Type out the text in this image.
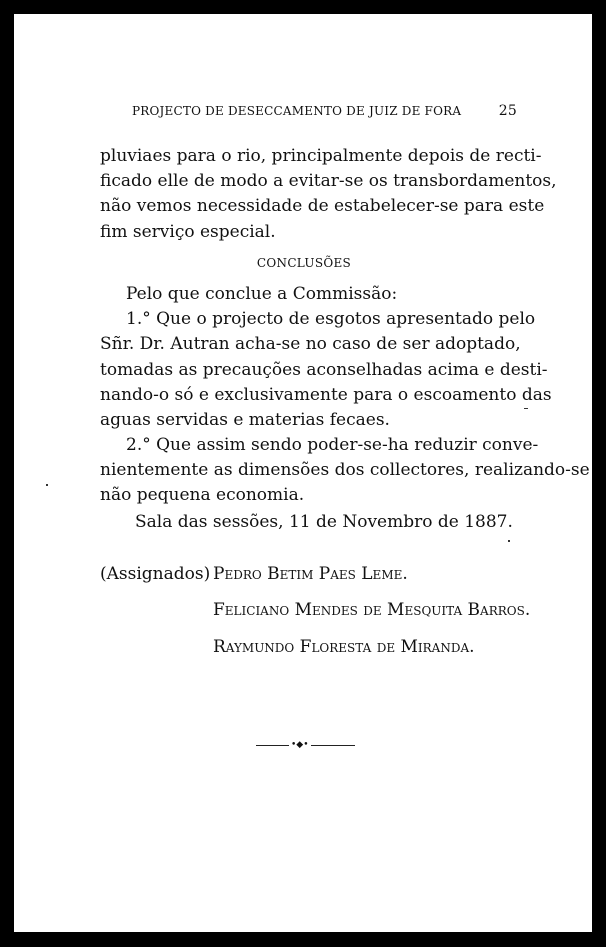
PROJECTO DE DESECCAMENTO DE JUIZ DE FORA	25
pluviaes para o rio, principalmente depois de recti-
ficado elle de modo a evitar-se os transbordamentos,
não vemos necessidade de estabelecer-se para este
fim serviço especial.
CONCLUSÕES
Pelo que conclue a Commissão:
1.° Que o projecto de esgotos apresentado pelo
Sñr. Dr. Autran acha-se no caso de ser adoptado,
tomadas as precauções aconselhadas acima e desti-
nando-o só e exclusivamente para o escoamento das
aguas servidas e materias fecaes.
2.° Que assim sendo poder-se-ha reduzir conve-
nientemente as dimensões dos collectores, realizando-se
não pequena economia.
Sala das sessões, 11 de Novembro de 1887.
(Assignados) Pedro Betim Paes Leme.
Feliciano Mendes de Mesquita Barros.
Raymundo Floresta de Miranda.
•◆•
